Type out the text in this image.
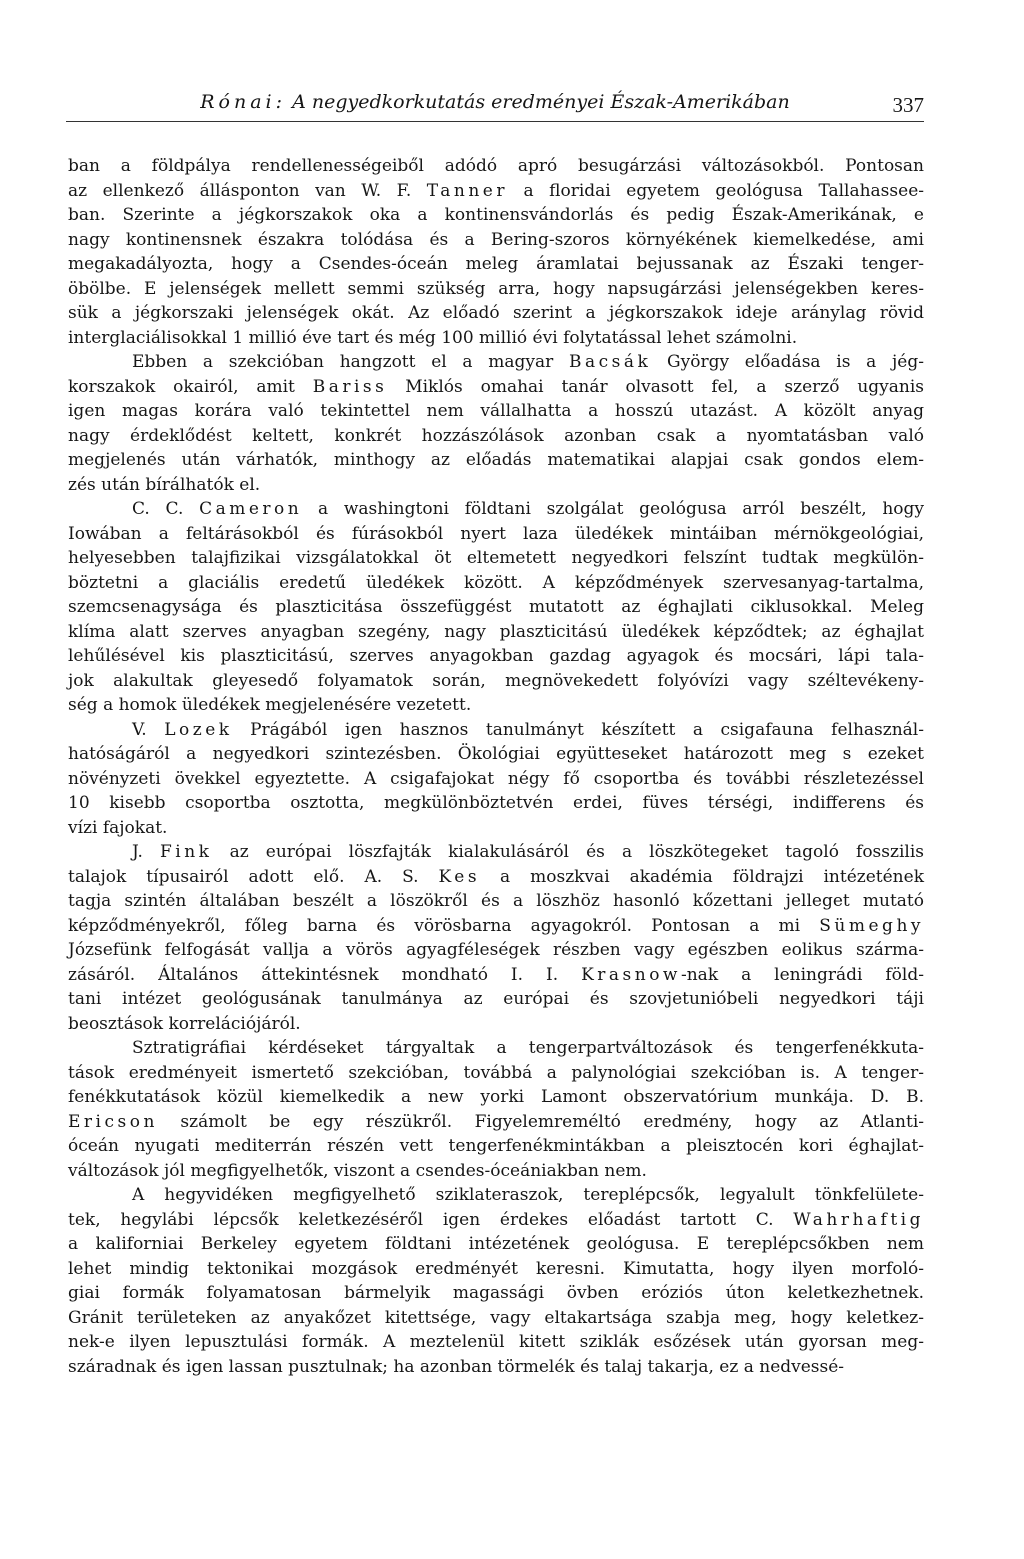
Rónai: A negyedkorkutatás eredményei Észak-Amerikában	337
ban a földpálya rendellenességeiből adódó apró besugárzási változásokból. Pontosan
az ellenkező állásponton van W. F. Tanner a floridai egyetem geológusa Tallahassee-
ban. Szerinte a jégkorszakok oka a kontinensvándorlás és pedig Észak-Amerikának, e
nagy kontinensnek északra tolódása és a Bering-szoros környékének kiemelkedése, ami
megakadályozta, hogy a Csendes-óceán meleg áramlatai bejussanak az Északi tenger-
öbölbe. E jelenségek mellett semmi szükség arra, hogy napsugárzási jelenségekben keres-
sük a jégkorszaki jelenségek okát. Az előadó szerint a jégkorszakok ideje aránylag rövid
interglaciálisokkal 1 millió éve tart és még 100 millió évi folytatással lehet számolni.
Ebben a szekcióban hangzott el a magyar Bacsák György előadása is a jég-
korszakok okairól, amit Bariss Miklós omahai tanár olvasott fel, a szerző ugyanis
igen magas korára való tekintettel nem vállalhatta a hosszú utazást. A közölt anyag
nagy érdeklődést keltett, konkrét hozzászólások azonban csak a nyomtatásban való
megjelenés után várhatók, minthogy az előadás matematikai alapjai csak gondos elem-
zés után bírálhatók el.
C. C. Cameron a washingtoni földtani szolgálat geológusa arról beszélt, hogy
Iowában a feltárásokból és fúrásokból nyert laza üledékek mintáiban mérnökgeológiai,
helyesebben talajfizikai vizsgálatokkal öt eltemetett negyedkori felszínt tudtak megkülön-
böztetni a glaciális eredetű üledékek között. A képződmények szervesanyag-tartalma,
szemcsenagysága és plaszticitása összefüggést mutatott az éghajlati ciklusokkal. Meleg
klíma alatt szerves anyagban szegény, nagy plaszticitású üledékek képződtek; az éghajlat
lehűlésével kis plaszticitású, szerves anyagokban gazdag agyagok és mocsári, lápi tala-
jok alakultak gleyesedő folyamatok során, megnövekedett folyóvízi vagy széltevékeny-
ség a homok üledékek megjelenésére vezetett.
V. Lozek Prágából igen hasznos tanulmányt készített a csigafauna felhasznál-
hatóságáról a negyedkori szintezésben. Ökológiai együtteseket határozott meg s ezeket
növényzeti övekkel egyeztette. A csigafajokat négy fő csoportba és további részletezéssel
10 kisebb csoportba osztotta, megkülönböztetvén erdei, füves térségi, indifferens és
vízi fajokat.
J. Fink az európai löszfajták kialakulásáról és a löszkötegeket tagoló fosszilis
talajok típusairól adott elő. A. S. Kes a moszkvai akadémia földrajzi intézetének
tagja szintén általában beszélt a löszökről és a löszhöz hasonló kőzettani jelleget mutató
képződményekről, főleg barna és vörösbarna agyagokról. Pontosan a mi Sümeghy
Józsefünk felfogását vallja a vörös agyagféleségek részben vagy egészben eolikus szárma-
zásáról. Általános áttekintésnek mondható I. I. Krasnow-nak a leningrádi föld-
tani intézet geológusának tanulmánya az európai és szovjetunióbeli negyedkori táji
beosztások korrelációjáról.
Sztratigráfiai kérdéseket tárgyaltak a tengerpartváltozások és tengerfenékkuta-
tások eredményeit ismertető szekcióban, továbbá a palynológiai szekcióban is. A tenger-
fenékkutatások közül kiemelkedik a new yorki Lamont obszervatórium munkája. D. B.
Ericson számolt be egy részükről. Figyelemreméltó eredmény, hogy az Atlanti-
óceán nyugati mediterrán részén vett tengerfenékmintákban a pleisztocén kori éghajlat-
változások jól megfigyelhetők, viszont a csendes-óceániakban nem.
A hegyvidéken megfigyelhető sziklateraszok, tereplépcsők, legyalult tönkfelülete-
tek, hegylábi lépcsők keletkezéséről igen érdekes előadást tartott C. Wahrhaftig
a kaliforniai Berkeley egyetem földtani intézetének geológusa. E tereplépcsőkben nem
lehet mindig tektonikai mozgások eredményét keresni. Kimutatta, hogy ilyen morfoló-
giai formák folyamatosan bármelyik magassági övben eróziós úton keletkezhetnek.
Gránit területeken az anyakőzet kitettsége, vagy eltakartsága szabja meg, hogy keletkez-
nek-e ilyen lepusztulási formák. A meztelenül kitett sziklák esőzések után gyorsan meg-
száradnak és igen lassan pusztulnak; ha azonban törmelék és talaj takarja, ez a nedvessé-
